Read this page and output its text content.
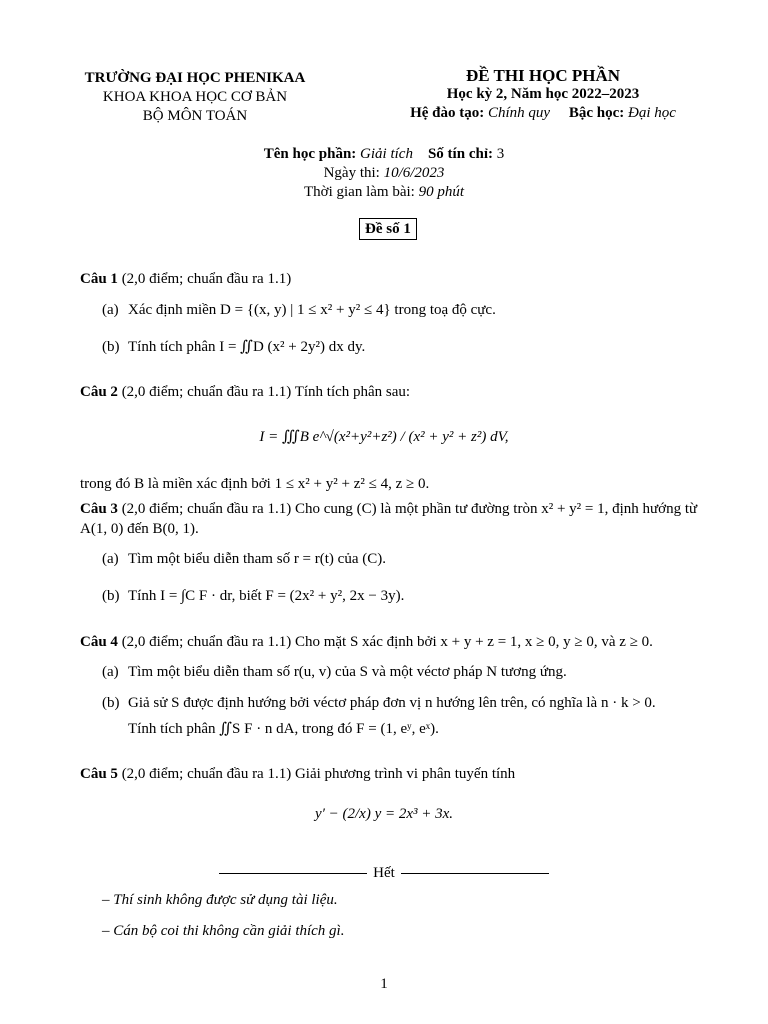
TRƯỜNG ĐẠI HỌC PHENIKAA
KHOA KHOA HỌC CƠ BẢN
BỘ MÔN TOÁN
ĐỀ THI HỌC PHẦN
Học kỳ 2, Năm học 2022–2023
Hệ đào tạo: Chính quy Bậc học: Đại học
Tên học phần: Giải tích Số tín chỉ: 3
Ngày thi: 10/6/2023
Thời gian làm bài: 90 phút
Đề số 1
Câu 1 (2,0 điểm; chuẩn đầu ra 1.1)
(a) Xác định miền D = {(x, y) | 1 ≤ x² + y² ≤ 4} trong toạ độ cực.
(b) Tính tích phân I = ∬D (x² + 2y²) dx dy.
Câu 2 (2,0 điểm; chuẩn đầu ra 1.1) Tính tích phân sau:
I = ∭B e^√(x²+y²+z²) / (x² + y² + z²) dV,
trong đó B là miền xác định bởi 1 ≤ x² + y² + z² ≤ 4, z ≥ 0.
Câu 3 (2,0 điểm; chuẩn đầu ra 1.1) Cho cung (C) là một phần tư đường tròn x² + y² = 1, định hướng từ A(1, 0) đến B(0, 1).
(a) Tìm một biểu diễn tham số r = r(t) của (C).
(b) Tính I = ∫C F · dr, biết F = (2x² + y², 2x − 3y).
Câu 4 (2,0 điểm; chuẩn đầu ra 1.1) Cho mặt S xác định bởi x + y + z = 1, x ≥ 0, y ≥ 0, và z ≥ 0.
(a) Tìm một biểu diễn tham số r(u, v) của S và một véctơ pháp N tương ứng.
(b) Giả sử S được định hướng bởi véctơ pháp đơn vị n hướng lên trên, có nghĩa là n · k > 0.
Tính tích phân ∬S F · n dA, trong đó F = (1, eʸ, eˣ).
Câu 5 (2,0 điểm; chuẩn đầu ra 1.1) Giải phương trình vi phân tuyến tính
y′ − (2/x) y = 2x³ + 3x.
Hết
– Thí sinh không được sử dụng tài liệu.
– Cán bộ coi thi không cần giải thích gì.
1
